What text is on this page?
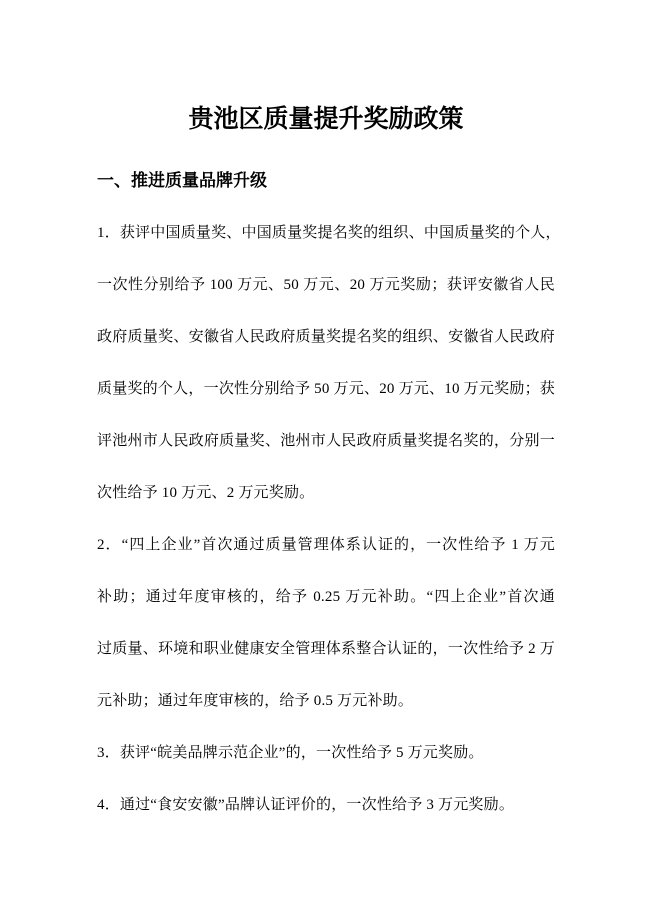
贵池区质量提升奖励政策
一、推进质量品牌升级
1．获评中国质量奖、中国质量奖提名奖的组织、中国质量奖的个人，
一次性分别给予 100 万元、50 万元、20 万元奖励；获评安徽省人民
政府质量奖、安徽省人民政府质量奖提名奖的组织、安徽省人民政府
质量奖的个人，一次性分别给予 50 万元、20 万元、10 万元奖励；获
评池州市人民政府质量奖、池州市人民政府质量奖提名奖的，分别一
次性给予 10 万元、2 万元奖励。
2．“四上企业”首次通过质量管理体系认证的，一次性给予 1 万元
补助；通过年度审核的，给予 0.25 万元补助。“四上企业”首次通
过质量、环境和职业健康安全管理体系整合认证的，一次性给予 2 万
元补助；通过年度审核的，给予 0.5 万元补助。
3．获评“皖美品牌示范企业”的，一次性给予 5 万元奖励。
4．通过“食安安徽”品牌认证评价的，一次性给予 3 万元奖励。
